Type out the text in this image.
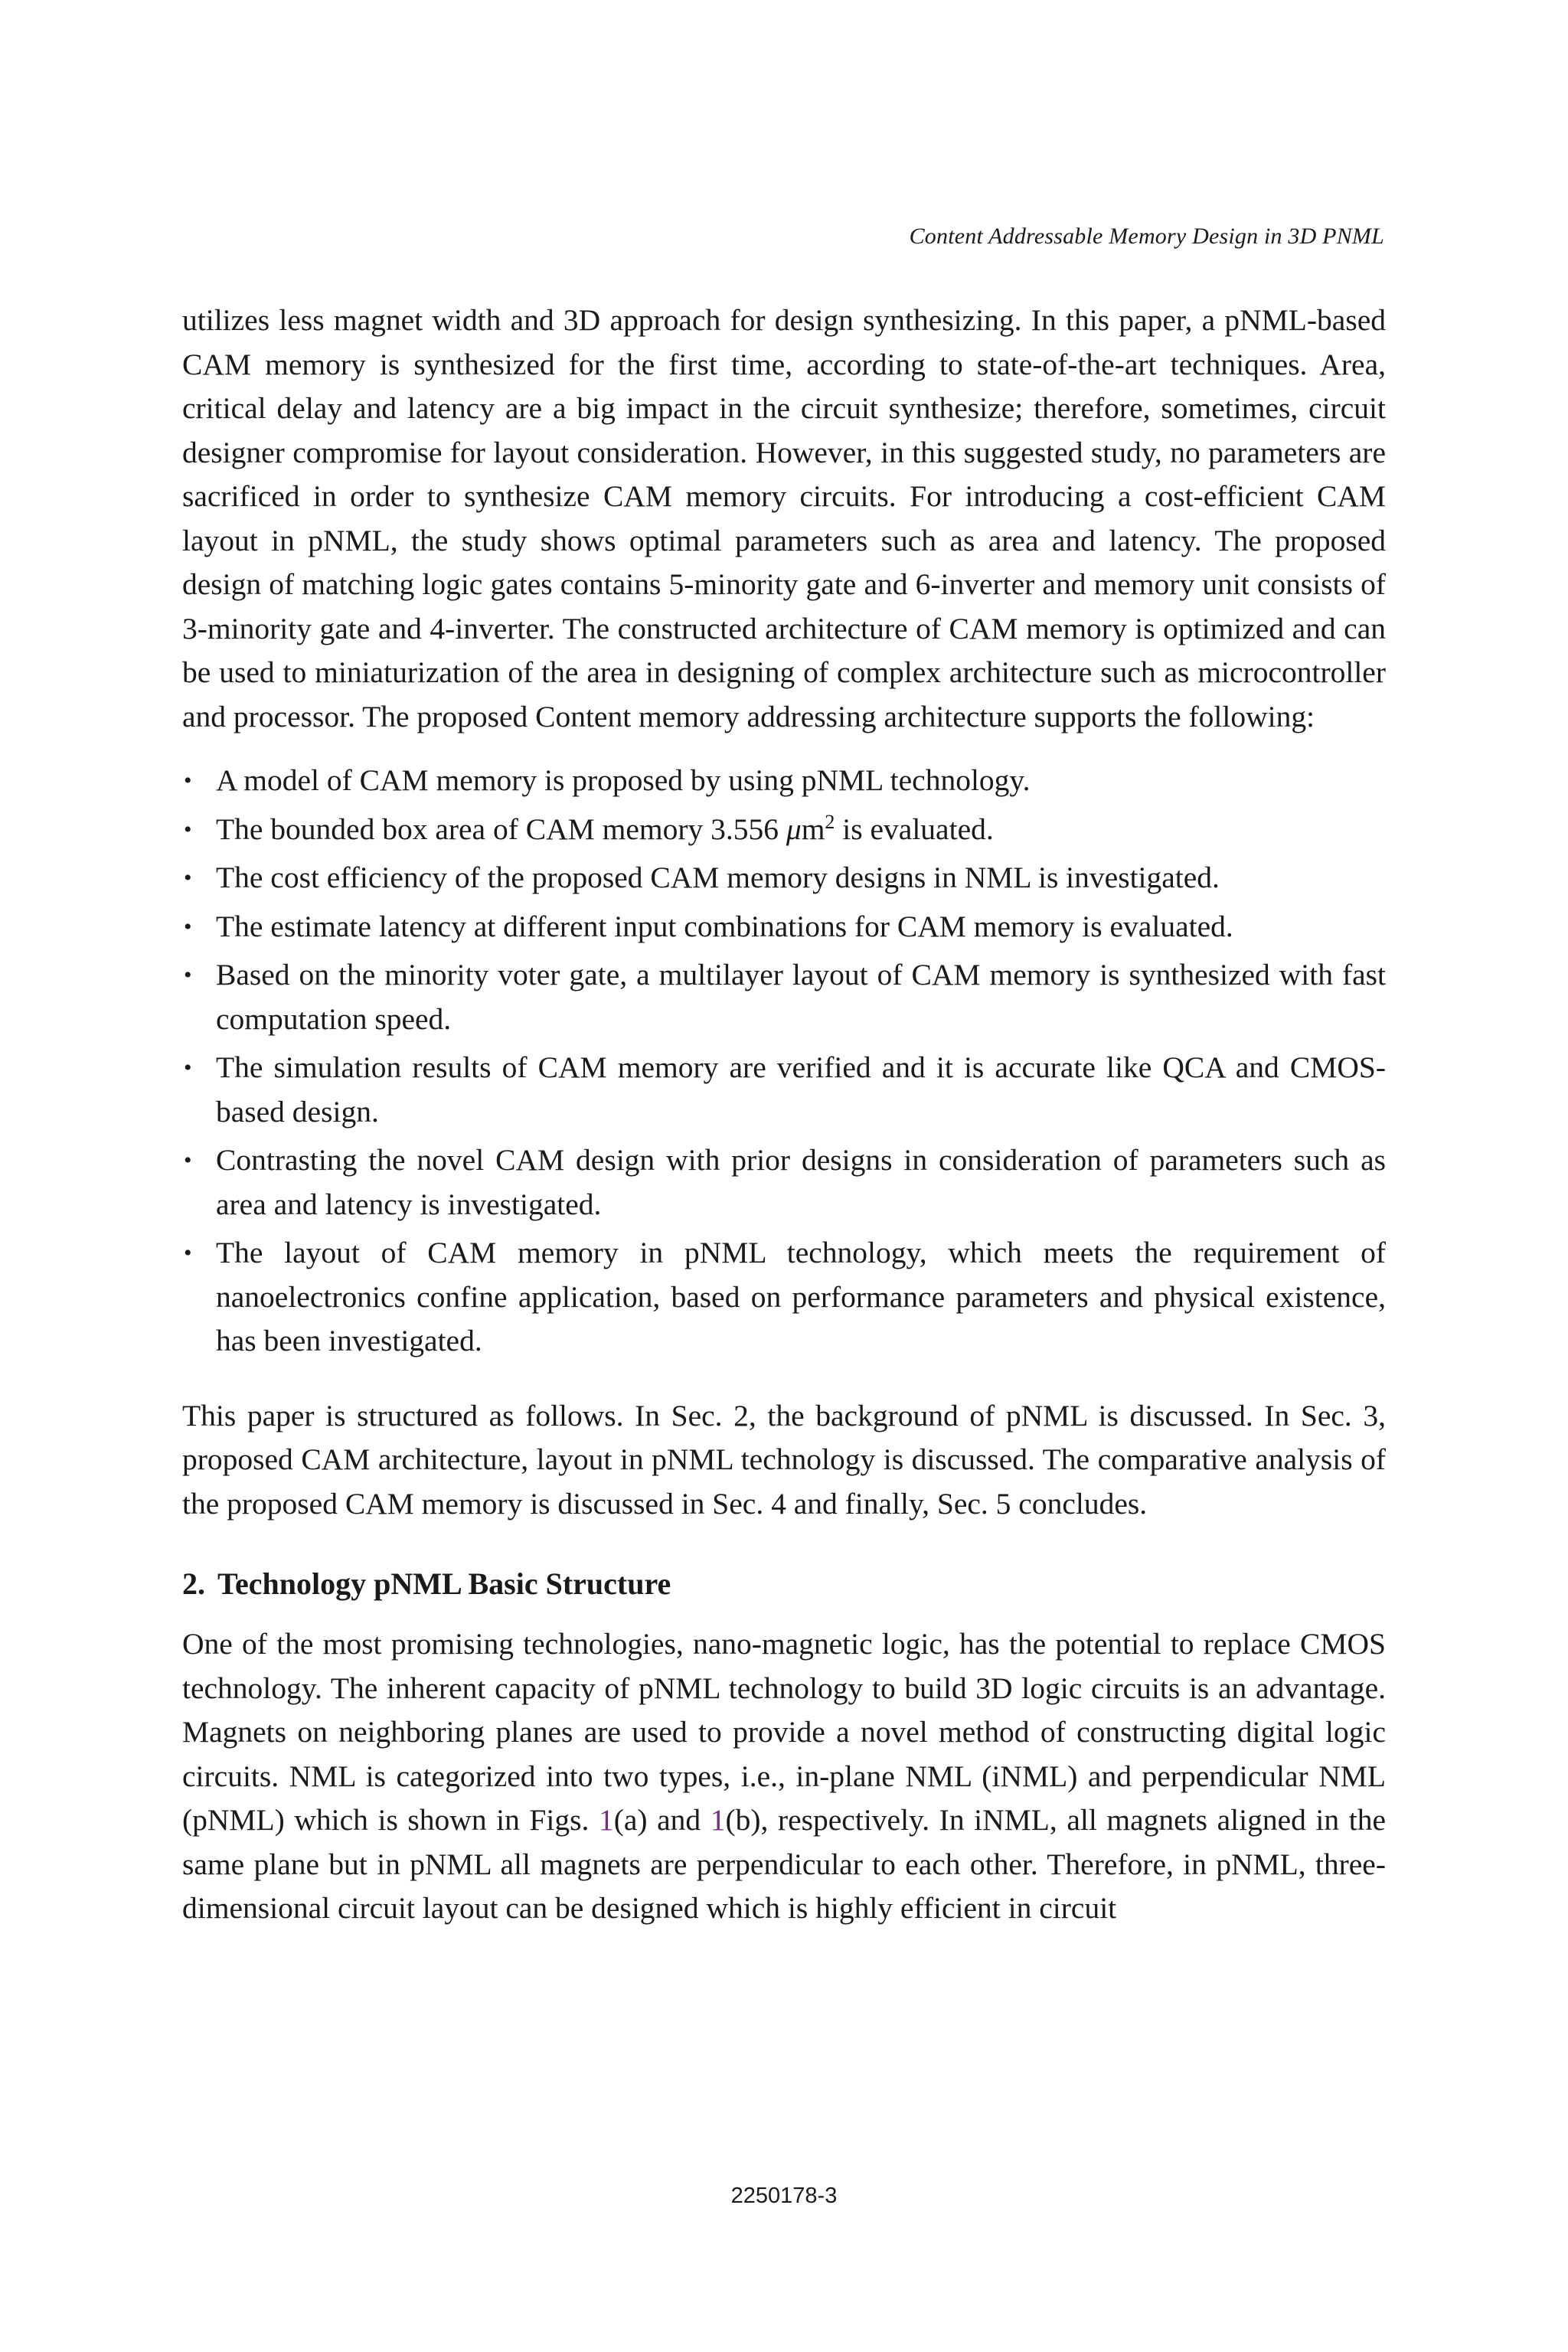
Content Addressable Memory Design in 3D PNML

utilizes less magnet width and 3D approach for design synthesizing. In this paper, a pNML-based CAM memory is synthesized for the first time, according to state-of-the-art techniques. Area, critical delay and latency are a big impact in the circuit synthesize; therefore, sometimes, circuit designer compromise for layout consideration. However, in this suggested study, no parameters are sacrificed in order to synthesize CAM memory circuits. For introducing a cost-efficient CAM layout in pNML, the study shows optimal parameters such as area and latency. The proposed design of matching logic gates contains 5-minority gate and 6-inverter and memory unit consists of 3-minority gate and 4-inverter. The constructed architecture of CAM memory is optimized and can be used to miniaturization of the area in designing of complex architecture such as microcontroller and processor. The proposed Content memory addressing architecture supports the following:

• A model of CAM memory is proposed by using pNML technology.
• The bounded box area of CAM memory 3.556 $\mu m^2$ is evaluated.
• The cost efficiency of the proposed CAM memory designs in NML is investigated.
• The estimate latency at different input combinations for CAM memory is evaluated.
• Based on the minority voter gate, a multilayer layout of CAM memory is synthesized with fast computation speed.
• The simulation results of CAM memory are verified and it is accurate like QCA and CMOS-based design.
• Contrasting the novel CAM design with prior designs in consideration of parameters such as area and latency is investigated.
• The layout of CAM memory in pNML technology, which meets the requirement of nanoelectronics confine application, based on performance parameters and physical existence, has been investigated.

This paper is structured as follows. In Sec. 2, the background of pNML is discussed. In Sec. 3, proposed CAM architecture, layout in pNML technology is discussed. The comparative analysis of the proposed CAM memory is discussed in Sec. 4 and finally, Sec. 5 concludes.

2. Technology pNML Basic Structure

One of the most promising technologies, nano-magnetic logic, has the potential to replace CMOS technology. The inherent capacity of pNML technology to build 3D logic circuits is an advantage. Magnets on neighboring planes are used to provide a novel method of constructing digital logic circuits. NML is categorized into two types, i.e., in-plane NML (iNML) and perpendicular NML (pNML) which is shown in Figs. 1(a) and 1(b), respectively. In iNML, all magnets aligned in the same plane but in pNML all magnets are perpendicular to each other. Therefore, in pNML, three-dimensional circuit layout can be designed which is highly efficient in circuit

2250178-3
